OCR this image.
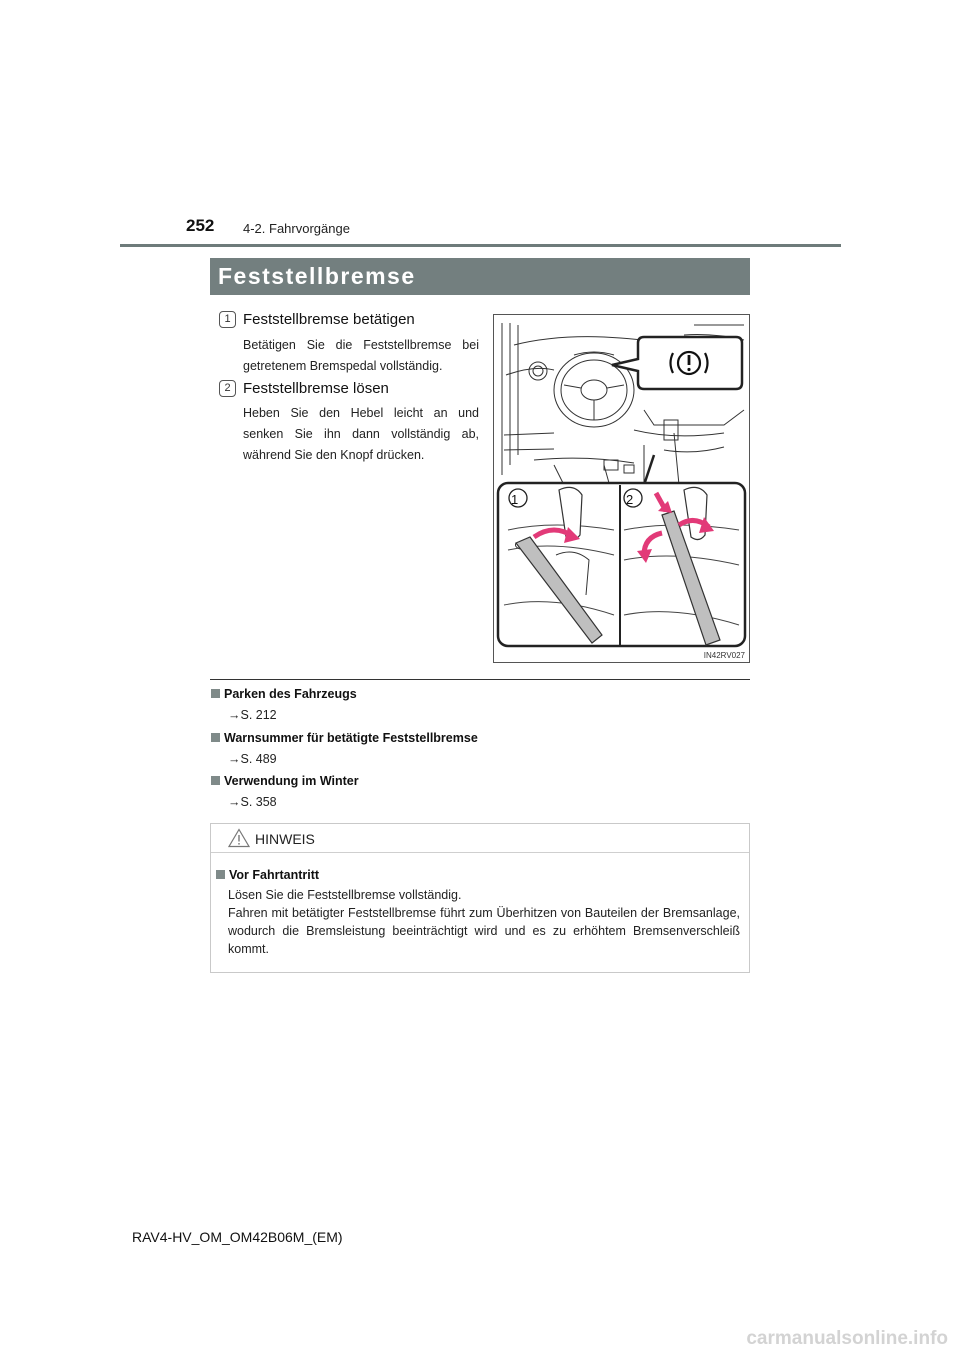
252 4-2. Fahrvorgänge
Feststellbremse
1 Feststellbremse betätigen
Betätigen Sie die Feststellbremse bei getretenem Bremspedal vollständig.
2 Feststellbremse lösen
Heben Sie den Hebel leicht an und senken Sie ihn dann vollständig ab, während Sie den Knopf drücken.
1	2
IN42RV027
Parken des Fahrzeugs
→S. 212
Warnsummer für betätigte Feststellbremse
→S. 489
Verwendung im Winter
→S. 358
HINWEIS
Vor Fahrtantritt
Lösen Sie die Feststellbremse vollständig.
Fahren mit betätigter Feststellbremse führt zum Überhitzen von Bauteilen der Bremsanlage, wodurch die Bremsleistung beeinträchtigt wird und es zu erhöhtem Bremsenverschleiß kommt.
RAV4-HV_OM_OM42B06M_(EM)
carmanualsonline.info
